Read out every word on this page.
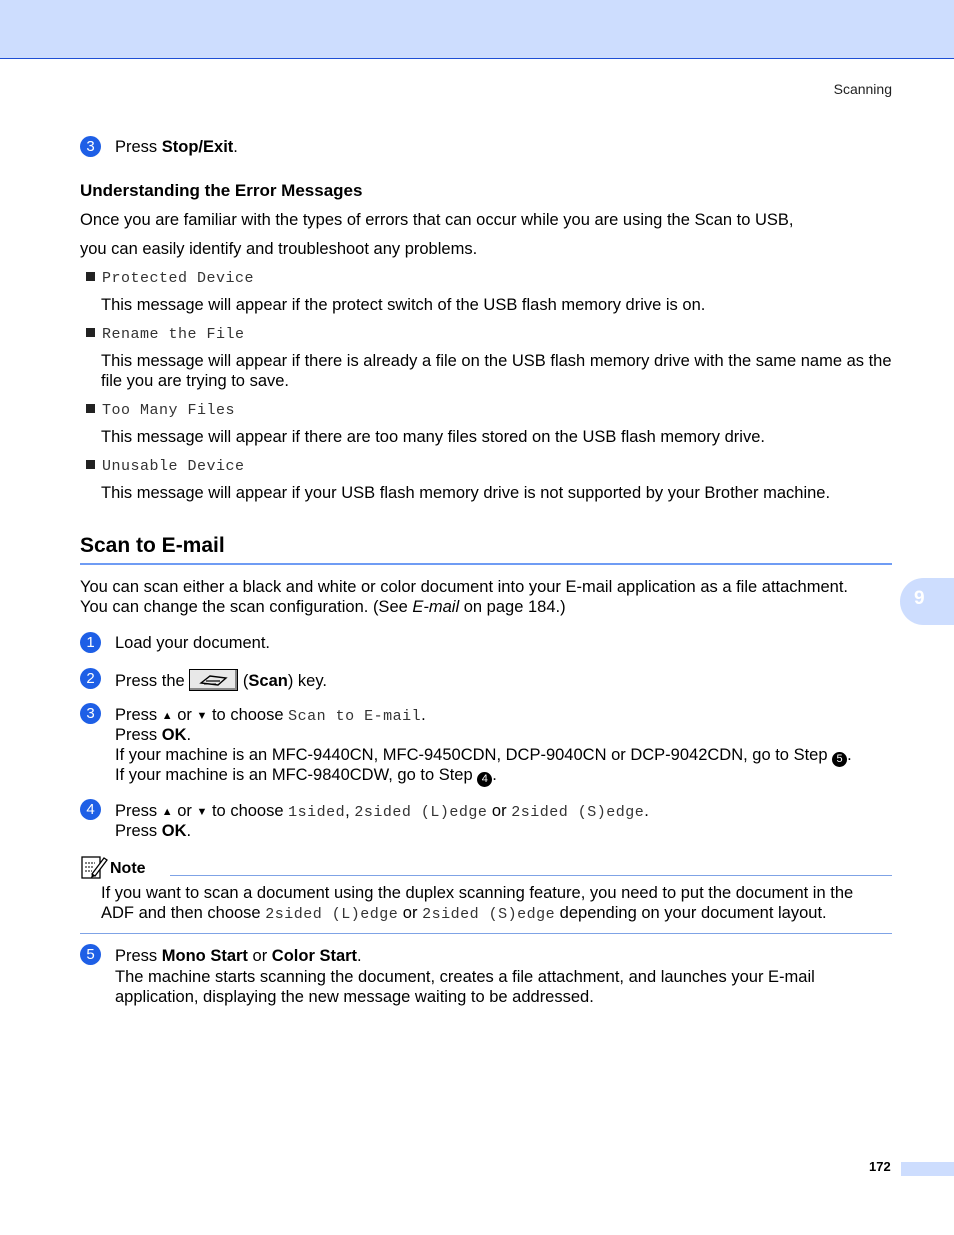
Scanning
3	Press Stop/Exit.
Understanding the Error Messages
Once you are familiar with the types of errors that can occur while you are using the Scan to USB,
you can easily identify and troubleshoot any problems.
Protected Device
This message will appear if the protect switch of the USB flash memory drive is on.
Rename the File
This message will appear if there is already a file on the USB flash memory drive with the same name as the file you are trying to save.
Too Many Files
This message will appear if there are too many files stored on the USB flash memory drive.
Unusable Device
This message will appear if your USB flash memory drive is not supported by your Brother machine.
Scan to E-mail
9
You can scan either a black and white or color document into your E-mail application as a file attachment.
You can change the scan configuration. (See E-mail on page 184.)
1	Load your document.
2	Press the	(Scan) key.
3	Press ▲ or ▼ to choose Scan to E-mail.
Press OK.
If your machine is an MFC-9440CN, MFC-9450CDN, DCP-9040CN or DCP-9042CDN, go to Step 5 .
If your machine is an MFC-9840CDW, go to Step 4 .
4	Press ▲ or ▼ to choose 1sided, 2sided (L)edge or 2sided (S)edge.
Press OK.
Note
If you want to scan a document using the duplex scanning feature, you need to put the document in the
ADF and then choose 2sided (L)edge or 2sided (S)edge depending on your document layout.
5	Press Mono Start or Color Start.
The machine starts scanning the document, creates a file attachment, and launches your E-mail
application, displaying the new message waiting to be addressed.
172
